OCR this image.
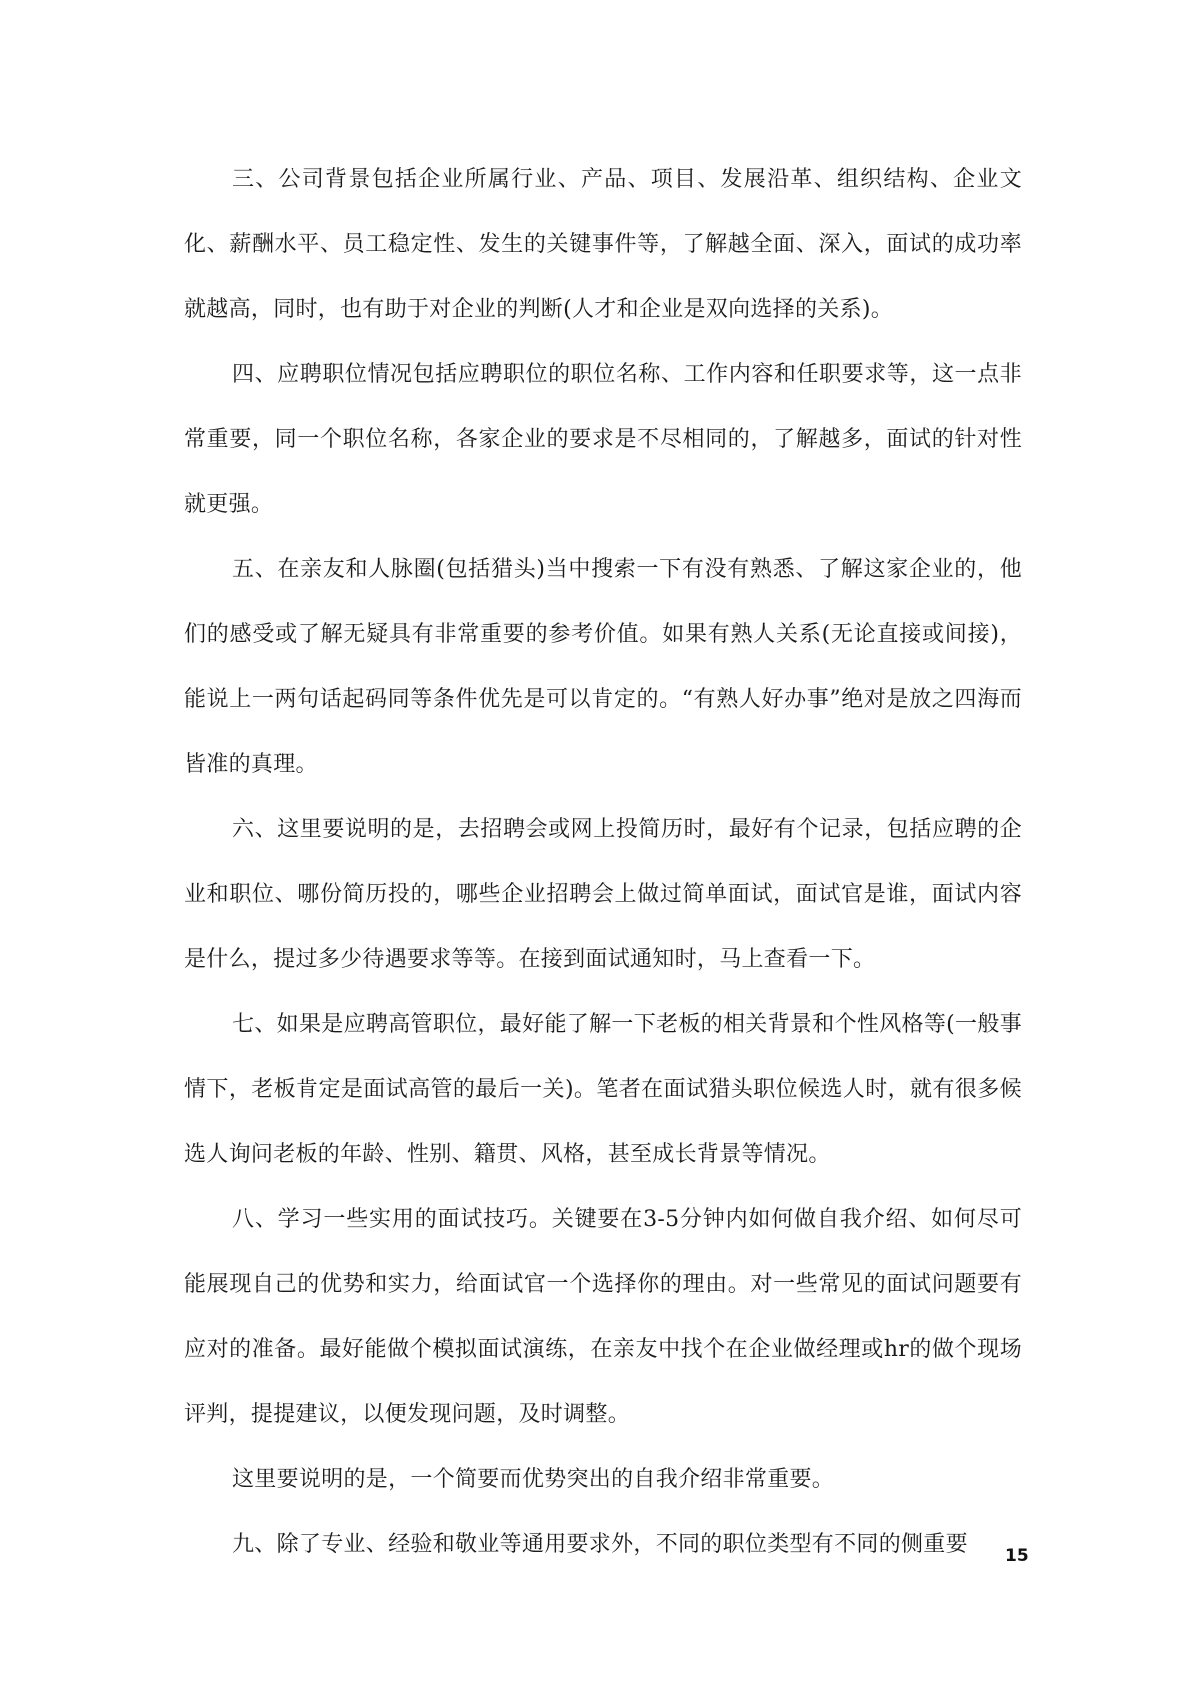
三、公司背景包括企业所属行业、产品、项目、发展沿革、组织结构、企业文化、薪酬水平、员工稳定性、发生的关键事件等，了解越全面、深入，面试的成功率就越高，同时，也有助于对企业的判断(人才和企业是双向选择的关系)。

四、应聘职位情况包括应聘职位的职位名称、工作内容和任职要求等，这一点非常重要，同一个职位名称，各家企业的要求是不尽相同的，了解越多，面试的针对性就更强。

五、在亲友和人脉圈(包括猎头)当中搜索一下有没有熟悉、了解这家企业的，他们的感受或了解无疑具有非常重要的参考价值。如果有熟人关系(无论直接或间接)，能说上一两句话起码同等条件优先是可以肯定的。“有熟人好办事”绝对是放之四海而皆准的真理。

六、这里要说明的是，去招聘会或网上投简历时，最好有个记录，包括应聘的企业和职位、哪份简历投的，哪些企业招聘会上做过简单面试，面试官是谁，面试内容是什么，提过多少待遇要求等等。在接到面试通知时，马上查看一下。

七、如果是应聘高管职位，最好能了解一下老板的相关背景和个性风格等(一般事情下，老板肯定是面试高管的最后一关)。笔者在面试猎头职位候选人时，就有很多候选人询问老板的年龄、性别、籍贯、风格，甚至成长背景等情况。

八、学习一些实用的面试技巧。关键要在3-5分钟内如何做自我介绍、如何尽可能展现自己的优势和实力，给面试官一个选择你的理由。对一些常见的面试问题要有应对的准备。最好能做个模拟面试演练，在亲友中找个在企业做经理或hr的做个现场评判，提提建议，以便发现问题，及时调整。

这里要说明的是，一个简要而优势突出的自我介绍非常重要。

九、除了专业、经验和敬业等通用要求外，不同的职位类型有不同的侧重要	15
